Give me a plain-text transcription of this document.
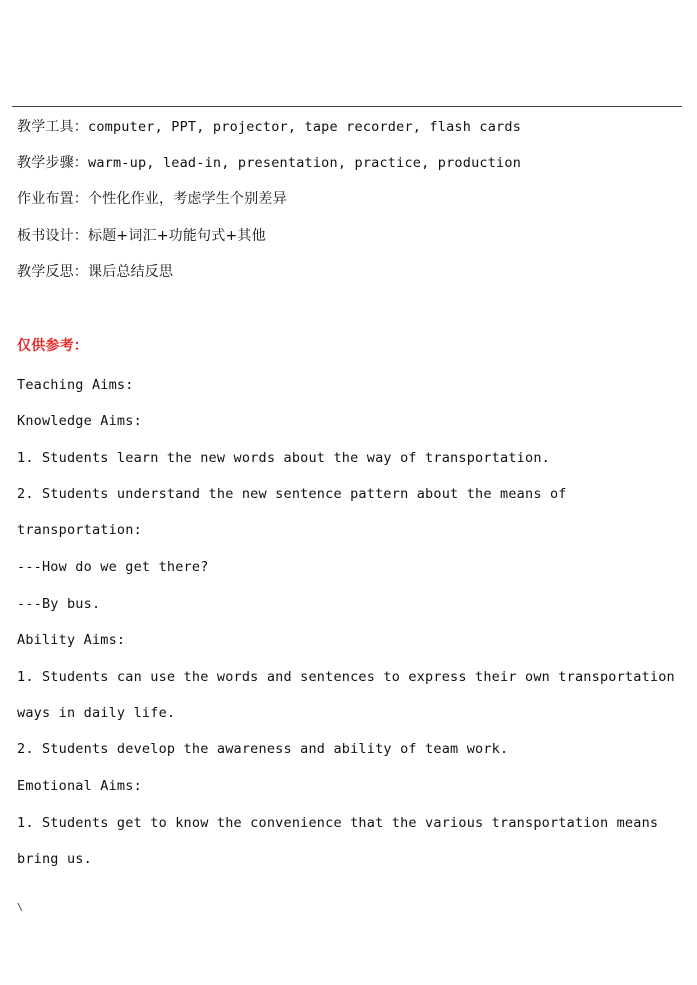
教学工具：computer, PPT, projector, tape recorder, flash cards
教学步骤：warm-up, lead-in, presentation, practice, production
作业布置：个性化作业，考虑学生个别差异
板书设计：标题+词汇+功能句式+其他
教学反思：课后总结反思
仅供参考：
Teaching Aims:
Knowledge Aims:
1. Students learn the new words about the way of transportation.
2. Students understand the new sentence pattern about the means of
transportation:
---How do we get there?
---By bus.
Ability Aims:
1. Students can use the words and sentences to express their own transportation
ways in daily life.
2. Students develop the awareness and ability of team work.
Emotional Aims:
1. Students get to know the convenience that the various transportation means
bring us.
\
